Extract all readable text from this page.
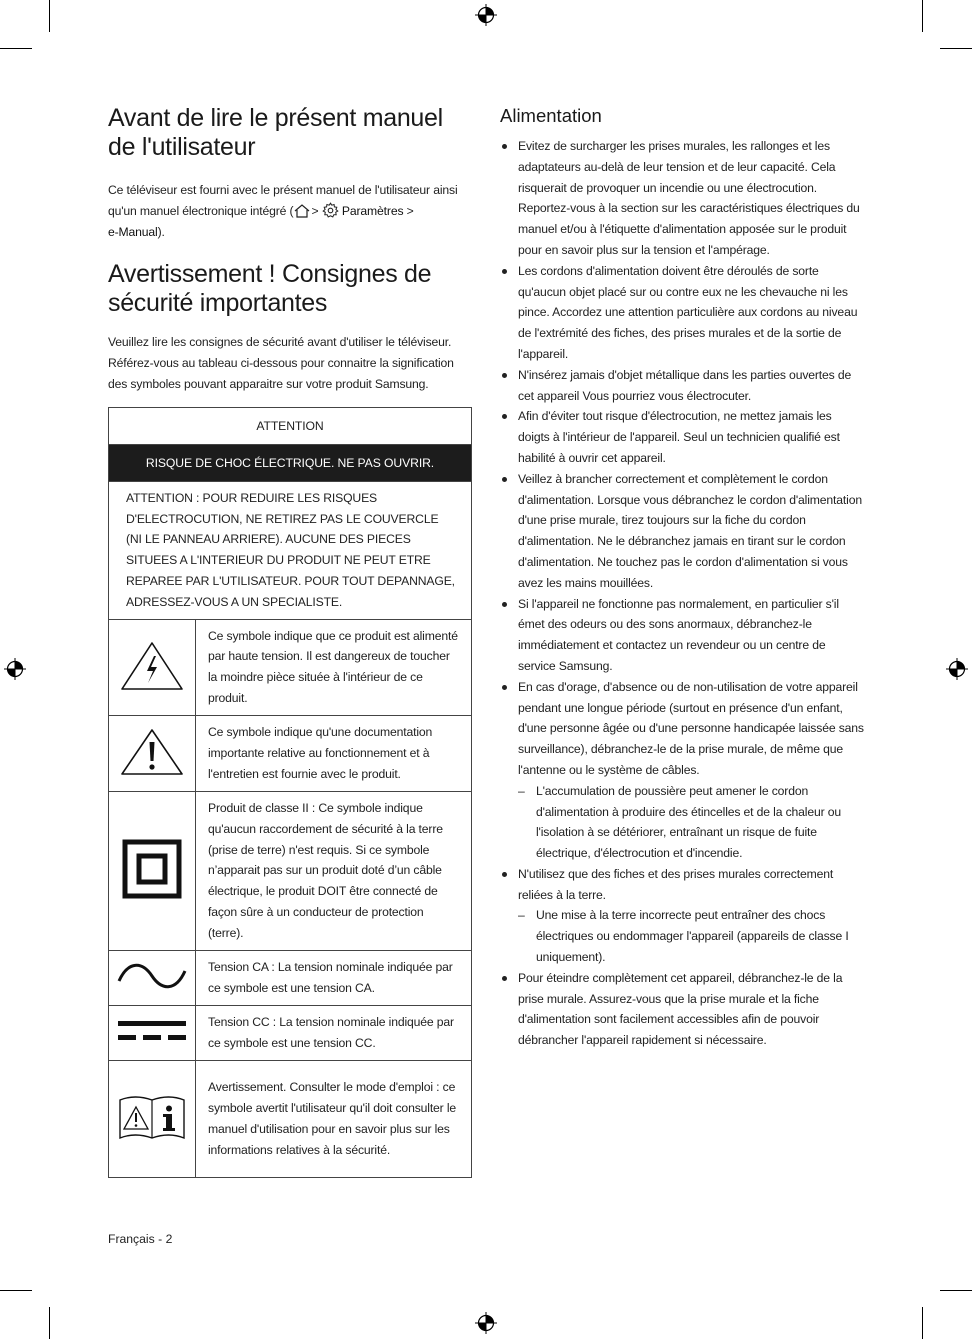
Avant de lire le présent manuel de l'utilisateur

Ce téléviseur est fourni avec le présent manuel de l'utilisateur ainsi qu'un manuel électronique intégré ( > Paramètres >
e-Manual).

Avertissement ! Consignes de sécurité importantes

Veuillez lire les consignes de sécurité avant d'utiliser le téléviseur. Référez-vous au tableau ci-dessous pour connaitre la signification des symboles pouvant apparaitre sur votre produit Samsung.

ATTENTION	
RISQUE DE CHOC ÉLECTRIQUE. NE PAS OUVRIR.	
ATTENTION : POUR REDUIRE LES RISQUES D'ELECTROCUTION, NE RETIREZ PAS LE COUVERCLE (NI LE PANNEAU ARRIERE). AUCUNE DES PIECES SITUEES A L'INTERIEUR DU PRODUIT NE PEUT ETRE REPAREE PAR L'UTILISATEUR. POUR TOUT DEPANNAGE, ADRESSEZ-VOUS A UN SPECIALISTE.	
	Ce symbole indique que ce produit est alimenté par haute tension. Il est dangereux de toucher la moindre pièce située à l'intérieur de ce produit.
	Ce symbole indique qu'une documentation importante relative au fonctionnement et à l'entretien est fournie avec le produit.
	Produit de classe II : Ce symbole indique qu'aucun raccordement de sécurité à la terre (prise de terre) n'est requis. Si ce symbole n’apparait pas sur un produit doté d’un câble électrique, le produit DOIT être connecté de façon sûre à un conducteur de protection (terre).
	Tension CA : La tension nominale indiquée par ce symbole est une tension CA.
	Tension CC : La tension nominale indiquée par ce symbole est une tension CC.
	Avertissement. Consulter le mode d'emploi : ce symbole avertit l'utilisateur qu'il doit consulter le manuel d'utilisation pour en savoir plus sur les informations relatives à la sécurité.
Alimentation
Evitez de surcharger les prises murales, les rallonges et les adaptateurs au-delà de leur tension et de leur capacité. Cela risquerait de provoquer un incendie ou une électrocution. Reportez-vous à la section sur les caractéristiques électriques du manuel et/ou à l'étiquette d'alimentation apposée sur le produit pour en savoir plus sur la tension et l'ampérage.
Les cordons d'alimentation doivent être déroulés de sorte qu'aucun objet placé sur ou contre eux ne les chevauche ni les pince. Accordez une attention particulière aux cordons au niveau de l'extrémité des fiches, des prises murales et de la sortie de l'appareil.
N'insérez jamais d'objet métallique dans les parties ouvertes de cet appareil Vous pourriez vous électrocuter.
Afin d'éviter tout risque d'électrocution, ne mettez jamais les doigts à l'intérieur de l'appareil. Seul un technicien qualifié est habilité à ouvrir cet appareil.
Veillez à brancher correctement et complètement le cordon d'alimentation. Lorsque vous débranchez le cordon d'alimentation d'une prise murale, tirez toujours sur la fiche du cordon d'alimentation. Ne le débranchez jamais en tirant sur le cordon d'alimentation. Ne touchez pas le cordon d'alimentation si vous avez les mains mouillées.
Si l'appareil ne fonctionne pas normalement, en particulier s'il émet des odeurs ou des sons anormaux, débranchez-le immédiatement et contactez un revendeur ou un centre de service Samsung.
En cas d'orage, d'absence ou de non-utilisation de votre appareil pendant une longue période (surtout en présence d'un enfant, d'une personne âgée ou d'une personne handicapée laissée sans surveillance), débranchez-le de la prise murale, de même que l'antenne ou le système de câbles.
– L'accumulation de poussière peut amener le cordon d'alimentation à produire des étincelles et de la chaleur ou l'isolation à se détériorer, entraînant un risque de fuite électrique, d'électrocution et d'incendie.
N'utilisez que des fiches et des prises murales correctement reliées à la terre.
– Une mise à la terre incorrecte peut entraîner des chocs électriques ou endommager l'appareil (appareils de classe I uniquement).
Pour éteindre complètement cet appareil, débranchez-le de la prise murale. Assurez-vous que la prise murale et la fiche d'alimentation sont facilement accessibles afin de pouvoir débrancher l'appareil rapidement si nécessaire.
Français - 2
